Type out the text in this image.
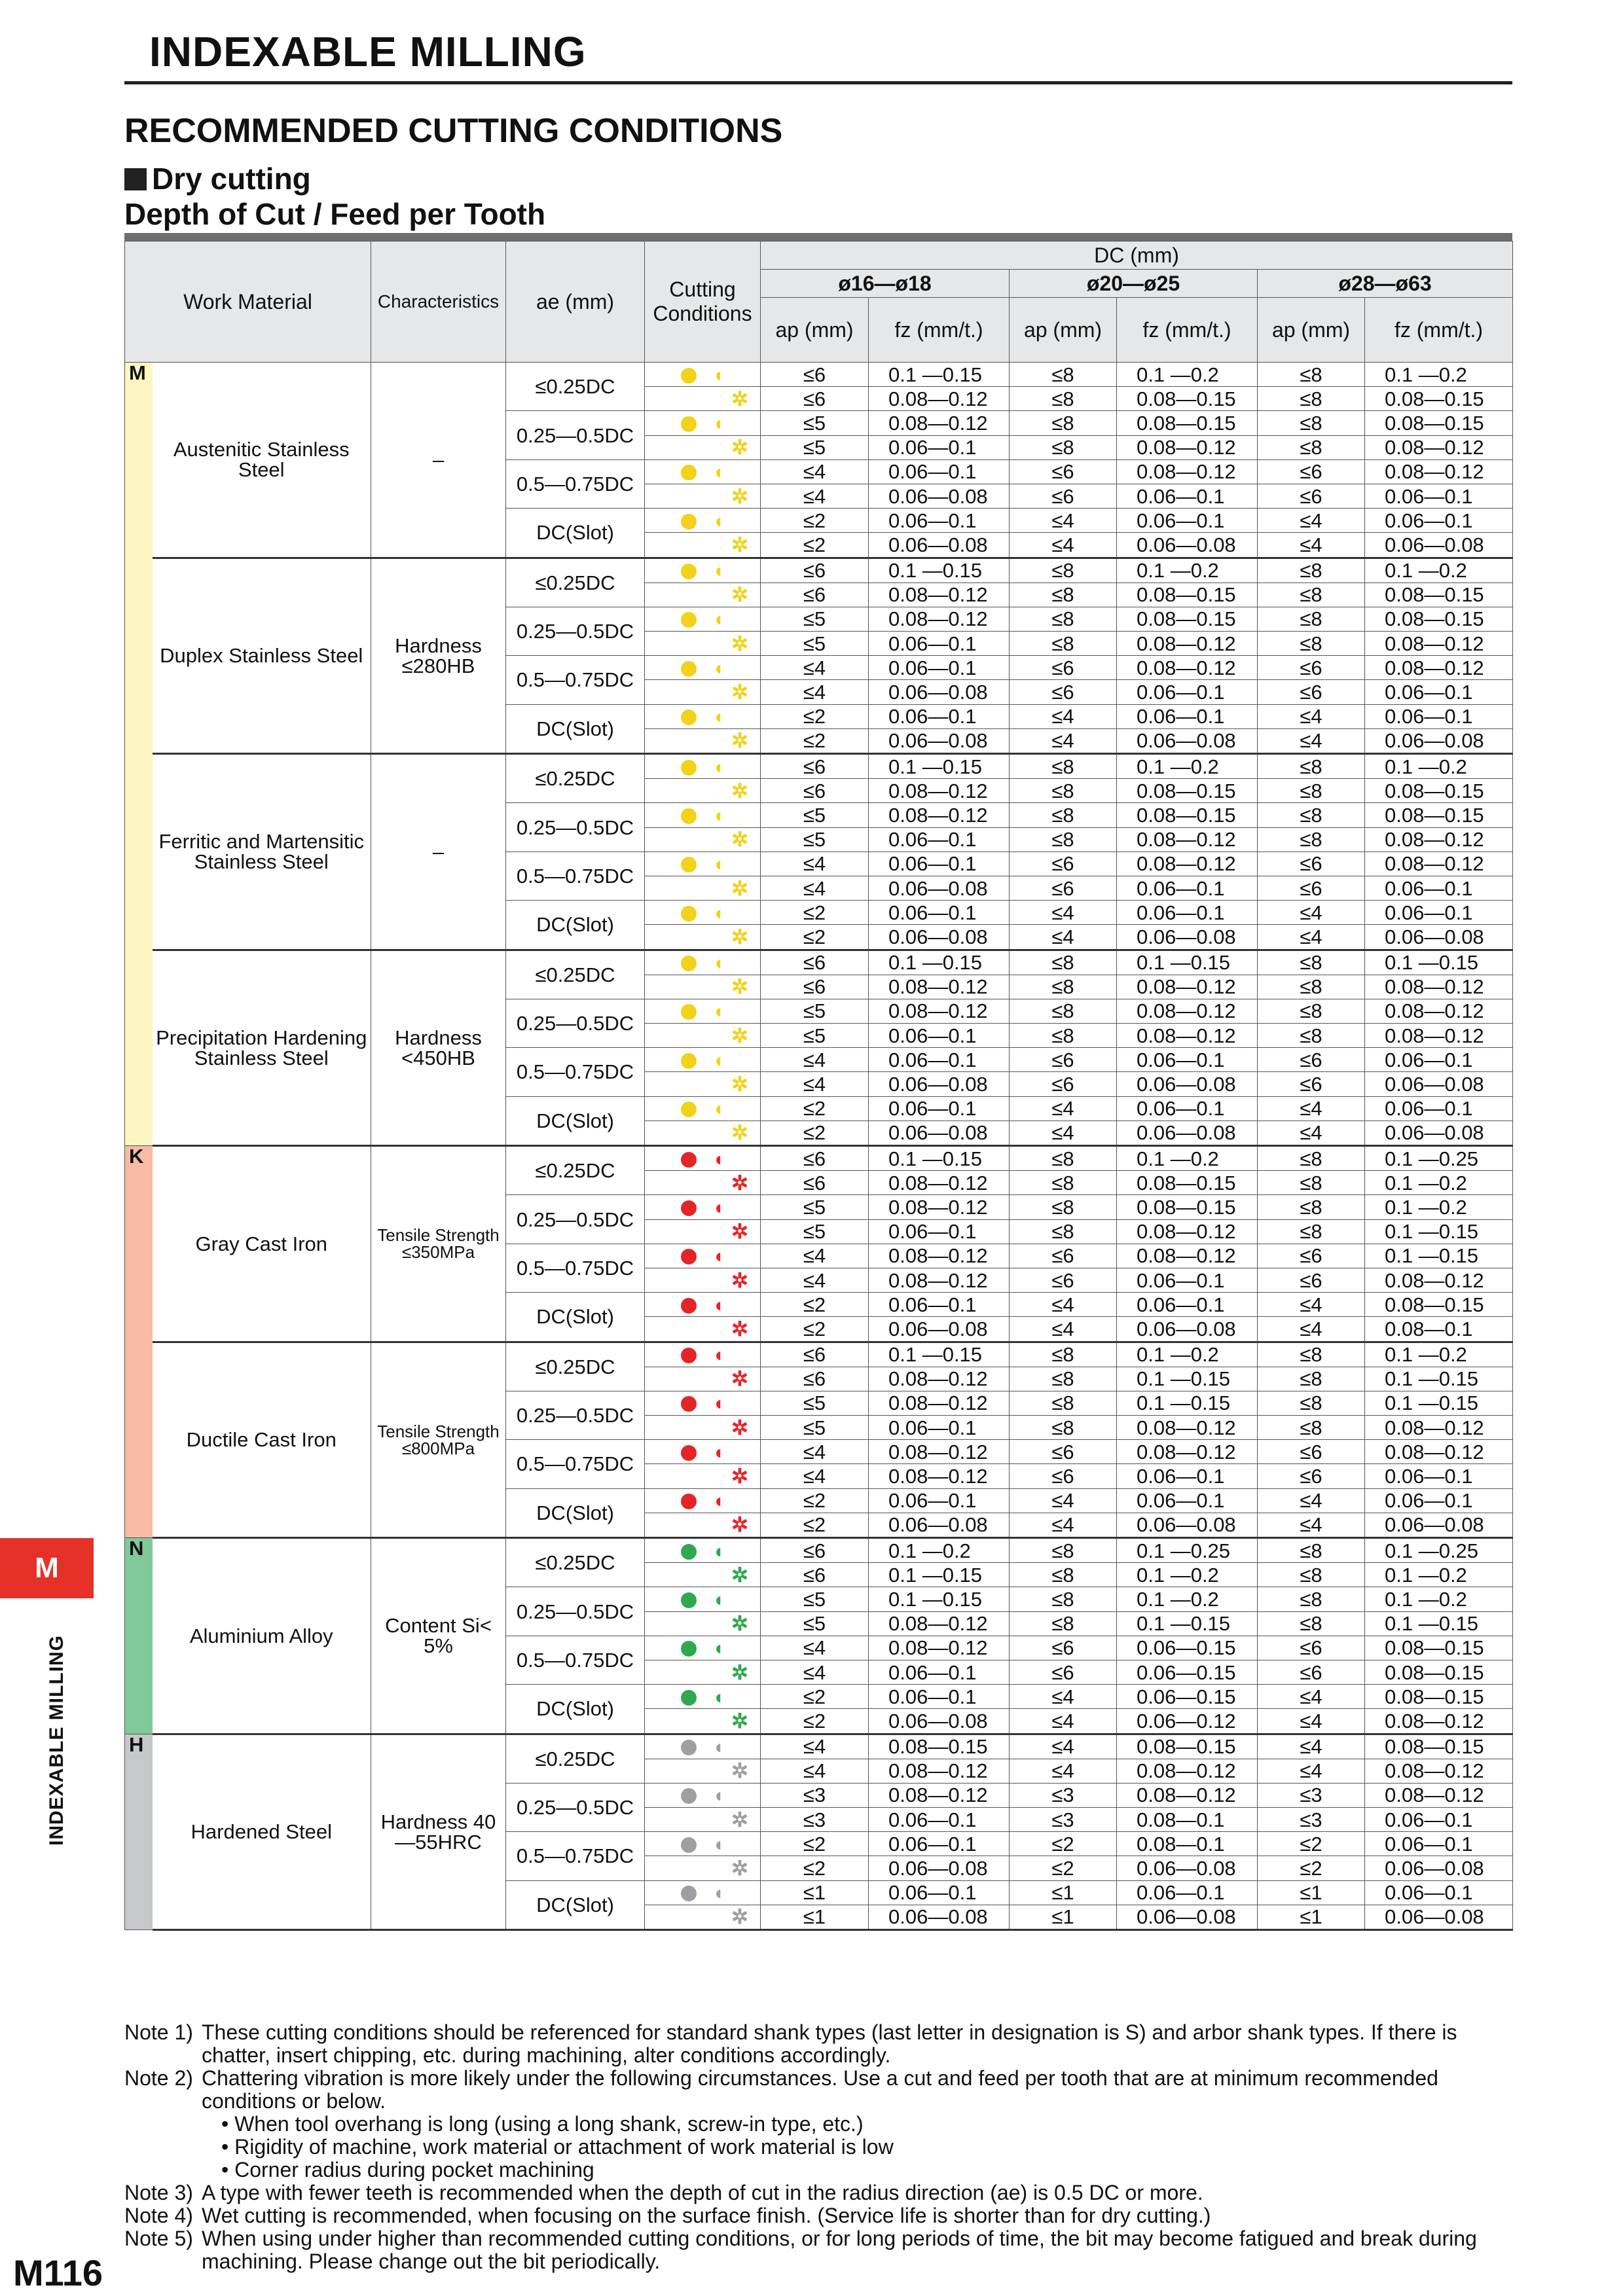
INDEXABLE MILLING
RECOMMENDED CUTTING CONDITIONS
Dry cutting
Depth of Cut / Feed per Tooth
Work Material		Characteristics	ae (mm)	Cutting Conditions	DC (mm)					
					ø16—ø18		ø20—ø25		ø28—ø63	
					ap (mm)	fz (mm/t.)	ap (mm)	fz (mm/t.)	ap (mm)	fz (mm/t.)
M	Austenitic Stainless Steel	–	≤0.25DC	◖	≤6	0.1 —0.15	≤8	0.1 —0.2	≤8	0.1 —0.2
				✲	≤6	0.08—0.12	≤8	0.08—0.15	≤8	0.08—0.15
			0.25—0.5DC	◖	≤5	0.08—0.12	≤8	0.08—0.15	≤8	0.08—0.15
				✲	≤5	0.06—0.1	≤8	0.08—0.12	≤8	0.08—0.12
			0.5—0.75DC	◖	≤4	0.06—0.1	≤6	0.08—0.12	≤6	0.08—0.12
				✲	≤4	0.06—0.08	≤6	0.06—0.1	≤6	0.06—0.1
			DC(Slot)	◖	≤2	0.06—0.1	≤4	0.06—0.1	≤4	0.06—0.1
				✲	≤2	0.06—0.08	≤4	0.06—0.08	≤4	0.06—0.08
	Duplex Stainless Steel	Hardness ≤280HB	≤0.25DC	◖	≤6	0.1 —0.15	≤8	0.1 —0.2	≤8	0.1 —0.2
				✲	≤6	0.08—0.12	≤8	0.08—0.15	≤8	0.08—0.15
			0.25—0.5DC	◖	≤5	0.08—0.12	≤8	0.08—0.15	≤8	0.08—0.15
				✲	≤5	0.06—0.1	≤8	0.08—0.12	≤8	0.08—0.12
			0.5—0.75DC	◖	≤4	0.06—0.1	≤6	0.08—0.12	≤6	0.08—0.12
				✲	≤4	0.06—0.08	≤6	0.06—0.1	≤6	0.06—0.1
			DC(Slot)	◖	≤2	0.06—0.1	≤4	0.06—0.1	≤4	0.06—0.1
				✲	≤2	0.06—0.08	≤4	0.06—0.08	≤4	0.06—0.08
	Ferritic and Martensitic Stainless Steel	–	≤0.25DC	◖	≤6	0.1 —0.15	≤8	0.1 —0.2	≤8	0.1 —0.2
				✲	≤6	0.08—0.12	≤8	0.08—0.15	≤8	0.08—0.15
			0.25—0.5DC	◖	≤5	0.08—0.12	≤8	0.08—0.15	≤8	0.08—0.15
				✲	≤5	0.06—0.1	≤8	0.08—0.12	≤8	0.08—0.12
			0.5—0.75DC	◖	≤4	0.06—0.1	≤6	0.08—0.12	≤6	0.08—0.12
				✲	≤4	0.06—0.08	≤6	0.06—0.1	≤6	0.06—0.1
			DC(Slot)	◖	≤2	0.06—0.1	≤4	0.06—0.1	≤4	0.06—0.1
				✲	≤2	0.06—0.08	≤4	0.06—0.08	≤4	0.06—0.08
	Precipitation Hardening Stainless Steel	Hardness <450HB	≤0.25DC	◖	≤6	0.1 —0.15	≤8	0.1 —0.15	≤8	0.1 —0.15
				✲	≤6	0.08—0.12	≤8	0.08—0.12	≤8	0.08—0.12
			0.25—0.5DC	◖	≤5	0.08—0.12	≤8	0.08—0.12	≤8	0.08—0.12
				✲	≤5	0.06—0.1	≤8	0.08—0.12	≤8	0.08—0.12
			0.5—0.75DC	◖	≤4	0.06—0.1	≤6	0.06—0.1	≤6	0.06—0.1
				✲	≤4	0.06—0.08	≤6	0.06—0.08	≤6	0.06—0.08
			DC(Slot)	◖	≤2	0.06—0.1	≤4	0.06—0.1	≤4	0.06—0.1
				✲	≤2	0.06—0.08	≤4	0.06—0.08	≤4	0.06—0.08
K	Gray Cast Iron	Tensile Strength ≤350MPa	≤0.25DC	◖	≤6	0.1 —0.15	≤8	0.1 —0.2	≤8	0.1 —0.25
				✲	≤6	0.08—0.12	≤8	0.08—0.15	≤8	0.1 —0.2
			0.25—0.5DC	◖	≤5	0.08—0.12	≤8	0.08—0.15	≤8	0.1 —0.2
				✲	≤5	0.06—0.1	≤8	0.08—0.12	≤8	0.1 —0.15
			0.5—0.75DC	◖	≤4	0.08—0.12	≤6	0.08—0.12	≤6	0.1 —0.15
				✲	≤4	0.08—0.12	≤6	0.06—0.1	≤6	0.08—0.12
			DC(Slot)	◖	≤2	0.06—0.1	≤4	0.06—0.1	≤4	0.08—0.15
				✲	≤2	0.06—0.08	≤4	0.06—0.08	≤4	0.08—0.1
	Ductile Cast Iron	Tensile Strength ≤800MPa	≤0.25DC	◖	≤6	0.1 —0.15	≤8	0.1 —0.2	≤8	0.1 —0.2
				✲	≤6	0.08—0.12	≤8	0.1 —0.15	≤8	0.1 —0.15
			0.25—0.5DC	◖	≤5	0.08—0.12	≤8	0.1 —0.15	≤8	0.1 —0.15
				✲	≤5	0.06—0.1	≤8	0.08—0.12	≤8	0.08—0.12
			0.5—0.75DC	◖	≤4	0.08—0.12	≤6	0.08—0.12	≤6	0.08—0.12
				✲	≤4	0.08—0.12	≤6	0.06—0.1	≤6	0.06—0.1
			DC(Slot)	◖	≤2	0.06—0.1	≤4	0.06—0.1	≤4	0.06—0.1
				✲	≤2	0.06—0.08	≤4	0.06—0.08	≤4	0.06—0.08
N	Aluminium Alloy	Content Si< 5%	≤0.25DC	◖	≤6	0.1 —0.2	≤8	0.1 —0.25	≤8	0.1 —0.25
				✲	≤6	0.1 —0.15	≤8	0.1 —0.2	≤8	0.1 —0.2
			0.25—0.5DC	◖	≤5	0.1 —0.15	≤8	0.1 —0.2	≤8	0.1 —0.2
				✲	≤5	0.08—0.12	≤8	0.1 —0.15	≤8	0.1 —0.15
			0.5—0.75DC	◖	≤4	0.08—0.12	≤6	0.06—0.15	≤6	0.08—0.15
				✲	≤4	0.06—0.1	≤6	0.06—0.15	≤6	0.08—0.15
			DC(Slot)	◖	≤2	0.06—0.1	≤4	0.06—0.15	≤4	0.08—0.15
				✲	≤2	0.06—0.08	≤4	0.06—0.12	≤4	0.08—0.12
H	Hardened Steel	Hardness 40—55HRC	≤0.25DC	◖	≤4	0.08—0.15	≤4	0.08—0.15	≤4	0.08—0.15
				✲	≤4	0.08—0.12	≤4	0.08—0.12	≤4	0.08—0.12
			0.25—0.5DC	◖	≤3	0.08—0.12	≤3	0.08—0.12	≤3	0.08—0.12
				✲	≤3	0.06—0.1	≤3	0.08—0.1	≤3	0.06—0.1
			0.5—0.75DC	◖	≤2	0.06—0.1	≤2	0.08—0.1	≤2	0.06—0.1
				✲	≤2	0.06—0.08	≤2	0.06—0.08	≤2	0.06—0.08
			DC(Slot)	◖	≤1	0.06—0.1	≤1	0.06—0.1	≤1	0.06—0.1
				✲	≤1	0.06—0.08	≤1	0.06—0.08	≤1	0.06—0.08
Note 1) These cutting conditions should be referenced for standard shank types (last letter in designation is S) and arbor shank types. If there is chatter, insert chipping, etc. during machining, alter conditions accordingly.
Note 2) Chattering vibration is more likely under the following circumstances. Use a cut and feed per tooth that are at minimum recommended conditions or below.
• When tool overhang is long (using a long shank, screw-in type, etc.)
• Rigidity of machine, work material or attachment of work material is low
• Corner radius during pocket machining
Note 3) A type with fewer teeth is recommended when the depth of cut in the radius direction (ae) is 0.5 DC or more.
Note 4) Wet cutting is recommended, when focusing on the surface finish. (Service life is shorter than for dry cutting.)
Note 5) When using under higher than recommended cutting conditions, or for long periods of time, the bit may become fatigued and break during machining. Please change out the bit periodically.
M
INDEXABLE MILLING
M116
